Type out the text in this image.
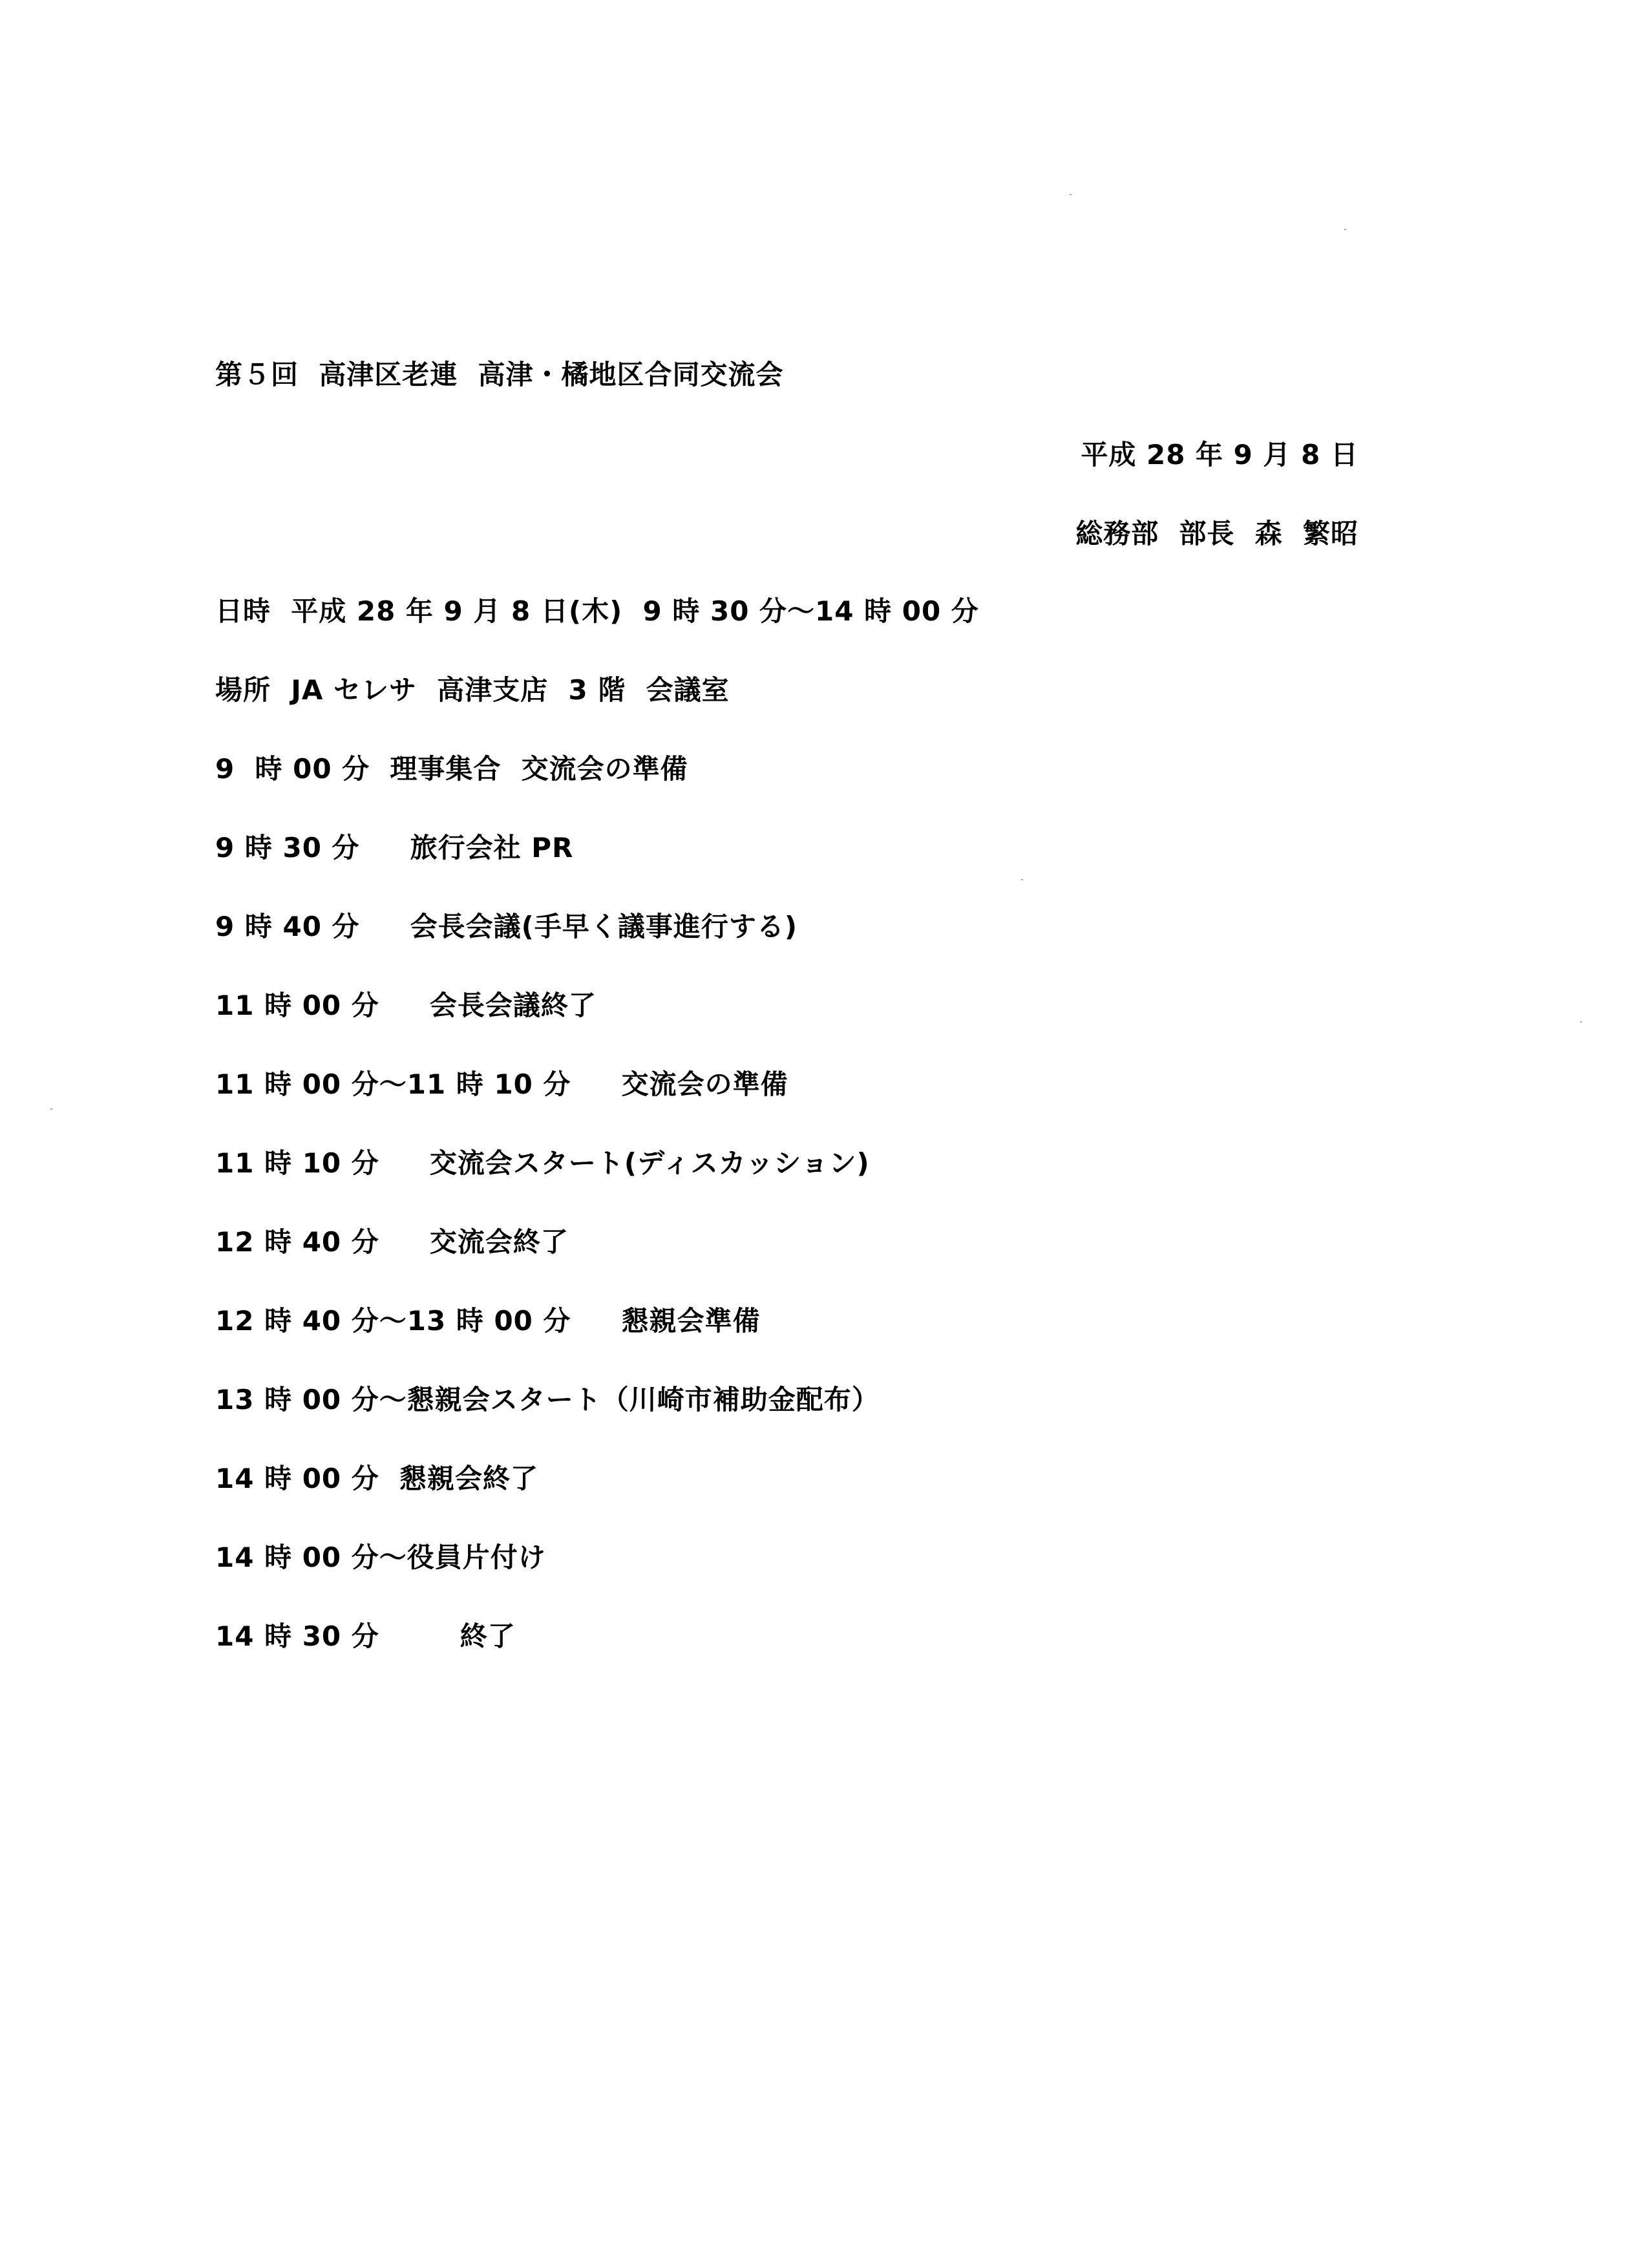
第５回  高津区老連  高津・橘地区合同交流会
平成 28 年 9 月 8 日
総務部  部長  森  繁昭
日時  平成 28 年 9 月 8 日(木)  9 時 30 分～14 時 00 分
場所  JA セレサ  高津支店  3 階  会議室
9  時 00 分  理事集合  交流会の準備
9 時 30 分     旅行会社 PR
9 時 40 分     会長会議(手早く議事進行する)
11 時 00 分     会長会議終了
11 時 00 分～11 時 10 分     交流会の準備
11 時 10 分     交流会スタート(ディスカッション)
12 時 40 分     交流会終了
12 時 40 分～13 時 00 分     懇親会準備
13 時 00 分～懇親会スタート（川崎市補助金配布）
14 時 00 分  懇親会終了
14 時 00 分～役員片付け
14 時 30 分        終了
